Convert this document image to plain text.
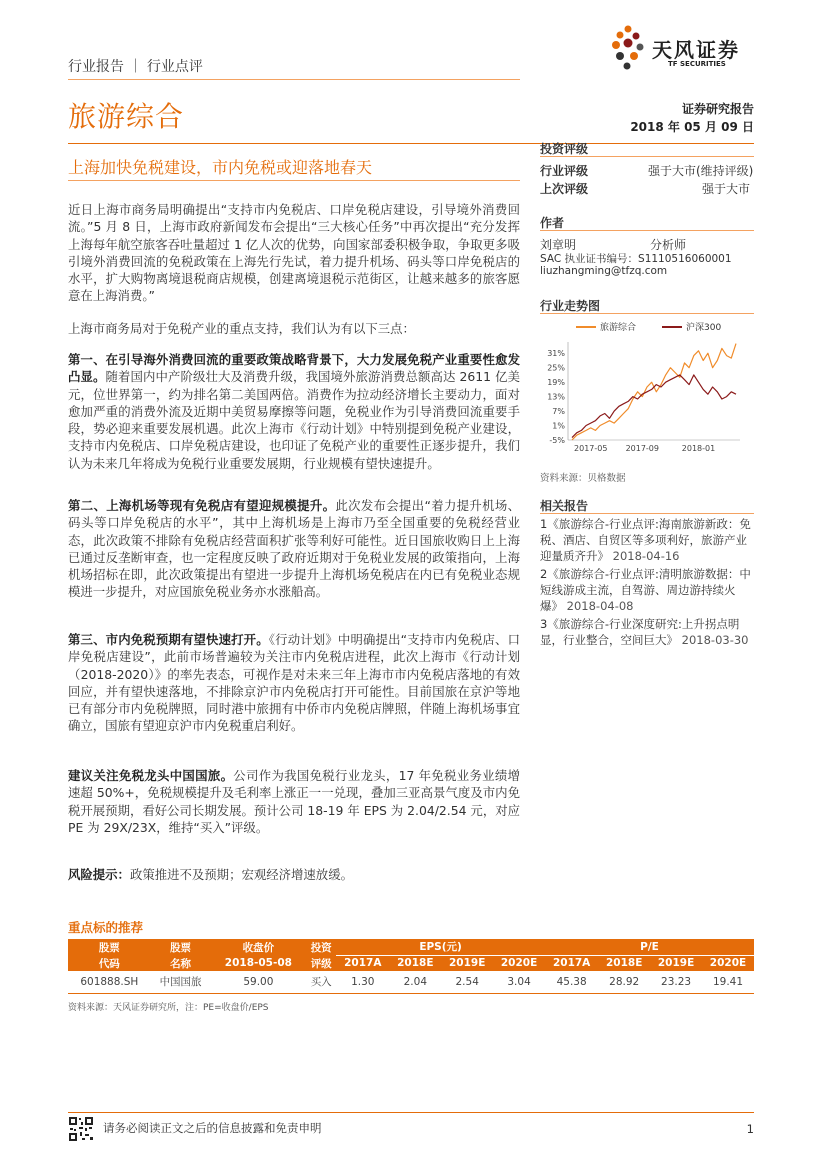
天风证券
TF SECURITIES
行业报告 ｜ 行业点评
旅游综合	证券研究报告
2018 年 05 月 09 日
上海加快免税建设，市内免税或迎落地春天
近日上海市商务局明确提出“支持市内免税店、口岸免税店建设，引导境外消费回流。”5 月 8 日，上海市政府新闻发布会提出“三大核心任务”中再次提出“充分发挥上海每年航空旅客吞吐量超过 1 亿人次的优势，向国家部委积极争取，争取更多吸引境外消费回流的免税政策在上海先行先试，着力提升机场、码头等口岸免税店的水平，扩大购物离境退税商店规模，创建离境退税示范街区，让越来越多的旅客愿意在上海消费。”
上海市商务局对于免税产业的重点支持，我们认为有以下三点：
第一、在引导海外消费回流的重要政策战略背景下，大力发展免税产业重要性愈发凸显。随着国内中产阶级壮大及消费升级，我国境外旅游消费总额高达 2611 亿美元，位世界第一，约为排名第二美国两倍。消费作为拉动经济增长主要动力，面对愈加严重的消费外流及近期中美贸易摩擦等问题，免税业作为引导消费回流重要手段，势必迎来重要发展机遇。此次上海市《行动计划》中特别提到免税产业建设，支持市内免税店、口岸免税店建设，也印证了免税产业的重要性正逐步提升，我们认为未来几年将成为免税行业重要发展期，行业规模有望快速提升。
第二、上海机场等现有免税店有望迎规模提升。此次发布会提出“着力提升机场、码头等口岸免税店的水平”，其中上海机场是上海市乃至全国重要的免税经营业态，此次政策不排除有免税店经营面积扩张等利好可能性。近日国旅收购日上上海已通过反垄断审查，也一定程度反映了政府近期对于免税业发展的政策指向，上海机场招标在即，此次政策提出有望进一步提升上海机场免税店在内已有免税业态规模进一步提升，对应国旅免税业务亦水涨船高。
第三、市内免税预期有望快速打开。《行动计划》中明确提出“支持市内免税店、口岸免税店建设”，此前市场普遍较为关注市内免税店进程，此次上海市《行动计划（2018-2020）》的率先表态，可视作是对未来三年上海市市内免税店落地的有效回应，并有望快速落地，不排除京沪市内免税店打开可能性。目前国旅在京沪等地已有部分市内免税牌照，同时港中旅拥有中侨市内免税店牌照，伴随上海机场事宜确立，国旅有望迎京沪市内免税重启利好。
建议关注免税龙头中国国旅。公司作为我国免税行业龙头，17 年免税业务业绩增速超 50%+，免税规模提升及毛利率上涨正一一兑现，叠加三亚高景气度及市内免税开展预期，看好公司长期发展。预计公司 18-19 年 EPS 为 2.04/2.54 元，对应 PE 为 29X/23X，维持“买入”评级。
风险提示：政策推进不及预期；宏观经济增速放缓。
投资评级
行业评级	强于大市(维持评级)
上次评级	强于大市
作者
刘章明	分析师
SAC 执业证书编号：S1110516060001
liuzhangming@tfzq.com
行业走势图
旅游综合	沪深300
31%
25%
19%
13%
7%
1%
-5%
2017-05 2017-09	2018-01
资料来源：贝格数据
相关报告
1《旅游综合-行业点评:海南旅游新政：免税、酒店、自贸区等多项利好，旅游产业迎量质齐升》 2018-04-16
2《旅游综合-行业点评:清明旅游数据：中短线游成主流，自驾游、周边游持续火爆》 2018-04-08
3《旅游综合-行业深度研究:上升拐点明显，行业整合，空间巨大》 2018-03-30
重点标的推荐
股票	股票	收盘价	投资	EPS(元)				P/E			
代码	名称	2018-05-08	评级	2017A	2018E	2019E	2020E	2017A	2018E	2019E	2020E
601888.SH	中国国旅	59.00	买入	1.30	2.04	2.54	3.04	45.38	28.92	23.23	19.41
资料来源：天风证券研究所，注：PE=收盘价/EPS
请务必阅读正文之后的信息披露和免责申明	1
